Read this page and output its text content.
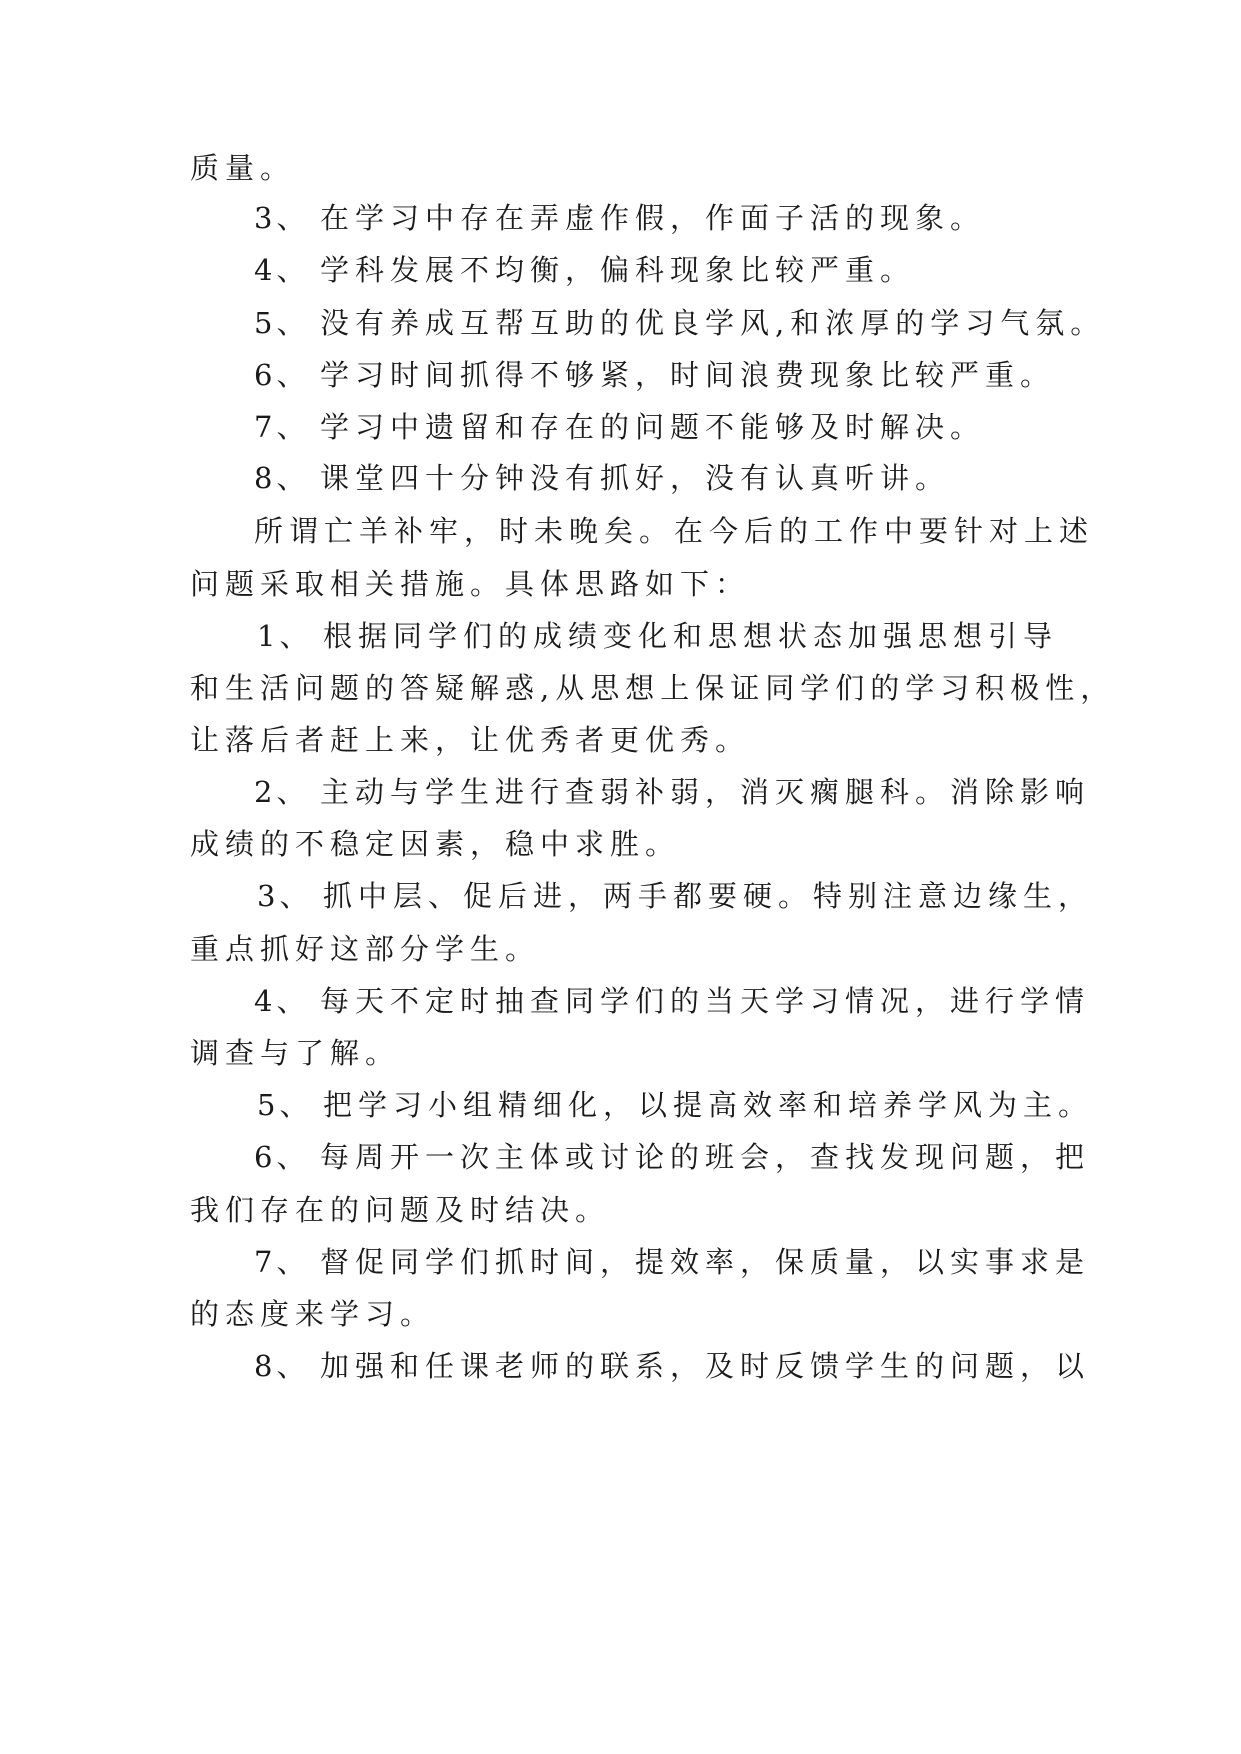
质量。
3、 在学习中存在弄虚作假，作面子活的现象。
4、 学科发展不均衡，偏科现象比较严重。
5、 没有养成互帮互助的优良学风,和浓厚的学习气氛。
6、 学习时间抓得不够紧，时间浪费现象比较严重。
7、 学习中遗留和存在的问题不能够及时解决。
8、 课堂四十分钟没有抓好，没有认真听讲。
所谓亡羊补牢，时未晚矣。在今后的工作中要针对上述
问题采取相关措施。具体思路如下：
1、 根据同学们的成绩变化和思想状态加强思想引导
和生活问题的答疑解惑,从思想上保证同学们的学习积极性，
让落后者赶上来，让优秀者更优秀。
2、 主动与学生进行查弱补弱，消灭瘸腿科。消除影响
成绩的不稳定因素，稳中求胜。
3、 抓中层、促后进，两手都要硬。特别注意边缘生，
重点抓好这部分学生。
4、 每天不定时抽查同学们的当天学习情况，进行学情
调查与了解。
5、 把学习小组精细化，以提高效率和培养学风为主。
6、 每周开一次主体或讨论的班会，查找发现问题，把
我们存在的问题及时结决。
7、 督促同学们抓时间，提效率，保质量，以实事求是
的态度来学习。
8、 加强和任课老师的联系，及时反馈学生的问题，以
